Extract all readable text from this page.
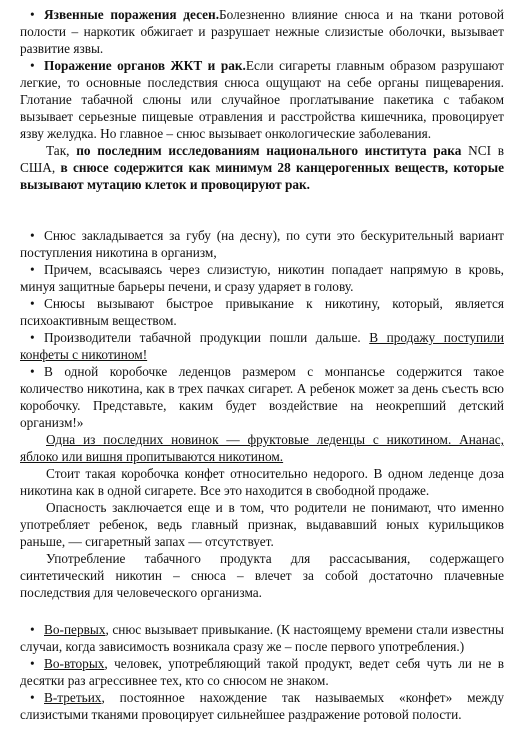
• Язвенные поражения десен.Болезненно влияние снюса и на ткани ротовой полости – наркотик обжигает и разрушает нежные слизистые оболочки, вызывает развитие язвы.

• Поражение органов ЖКТ и рак.Если сигареты главным образом разрушают легкие, то основные последствия снюса ощущают на себе органы пищеварения. Глотание табачной слюны или случайное проглатывание пакетика с табаком вызывает серьезные пищевые отравления и расстройства кишечника, провоцирует язву желудка. Но главное – снюс вызывает онкологические заболевания.

Так, по последним исследованиям национального института рака NCI в США, в снюсе содержится как минимум 28 канцерогенных веществ, которые вызывают мутацию клеток и провоцируют рак.

• Снюс закладывается за губу (на десну), по сути это бескурительный вариант поступления никотина в организм,

• Причем, всасываясь через слизистую, никотин попадает напрямую в кровь, минуя защитные барьеры печени, и сразу ударяет в голову.

• Снюсы вызывают быстрое привыкание к никотину, который, является психоактивным веществом.

• Производители табачной продукции пошли дальше. В продажу поступили конфеты с никотином!

• В одной коробочке леденцов размером с монпансье содержится такое количество никотина, как в трех пачках сигарет. А ребенок может за день съесть всю коробочку. Представьте, каким будет воздействие на неокрепший детский организм!»

Одна из последних новинок — фруктовые леденцы с никотином. Ананас, яблоко или вишня пропитываются никотином.

Стоит такая коробочка конфет относительно недорого. В одном леденце доза никотина как в одной сигарете. Все это находится в свободной продаже.

Опасность заключается еще и в том, что родители не понимают, что именно употребляет ребенок, ведь главный признак, выдававший юных курильщиков раньше, — сигаретный запах — отсутствует.

Употребление табачного продукта для рассасывания, содержащего синтетический никотин – снюса – влечет за собой достаточно плачевные последствия для человеческого организма.

• Во-первых, снюс вызывает привыкание. (К настоящему времени стали известны случаи, когда зависимость возникала сразу же – после первого употребления.)

• Во-вторых, человек, употребляющий такой продукт, ведет себя чуть ли не в десятки раз агрессивнее тех, кто со снюсом не знаком.

• В-третьих, постоянное нахождение так называемых «конфет» между слизистыми тканями провоцирует сильнейшее раздражение ротовой полости.
